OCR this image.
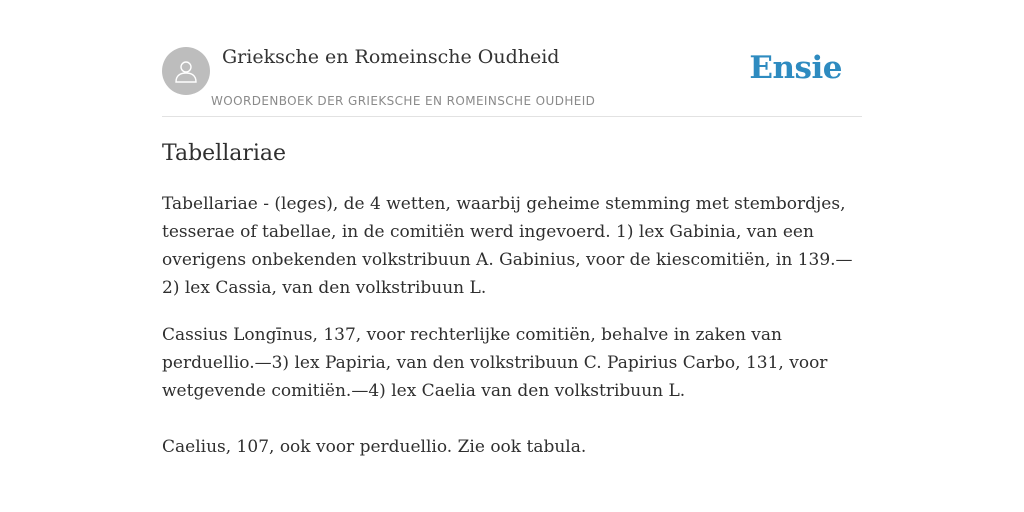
Grieksche en Romeinsche Oudheid
WOORDENBOEK DER GRIEKSCHE EN ROMEINSCHE OUDHEID
Ensie
Tabellariae

Tabellariae - (leges), de 4 wetten, waarbij geheime stemming met stembordjes, tesserae of tabellae, in de comitiën werd ingevoerd. 1) lex Gabinia, van een overigens onbekenden volkstribuun A. Gabinius, voor de kiescomitiën, in 139.—2) lex Cassia, van den volkstribuun L.

Cassius Longīnus, 137, voor rechterlijke comitiën, behalve in zaken van perduellio.—3) lex Papiria, van den volkstribuun C. Papirius Carbo, 131, voor wetgevende comitiën.—4) lex Caelia van den volkstribuun L.

Caelius, 107, ook voor perduellio. Zie ook tabula.
